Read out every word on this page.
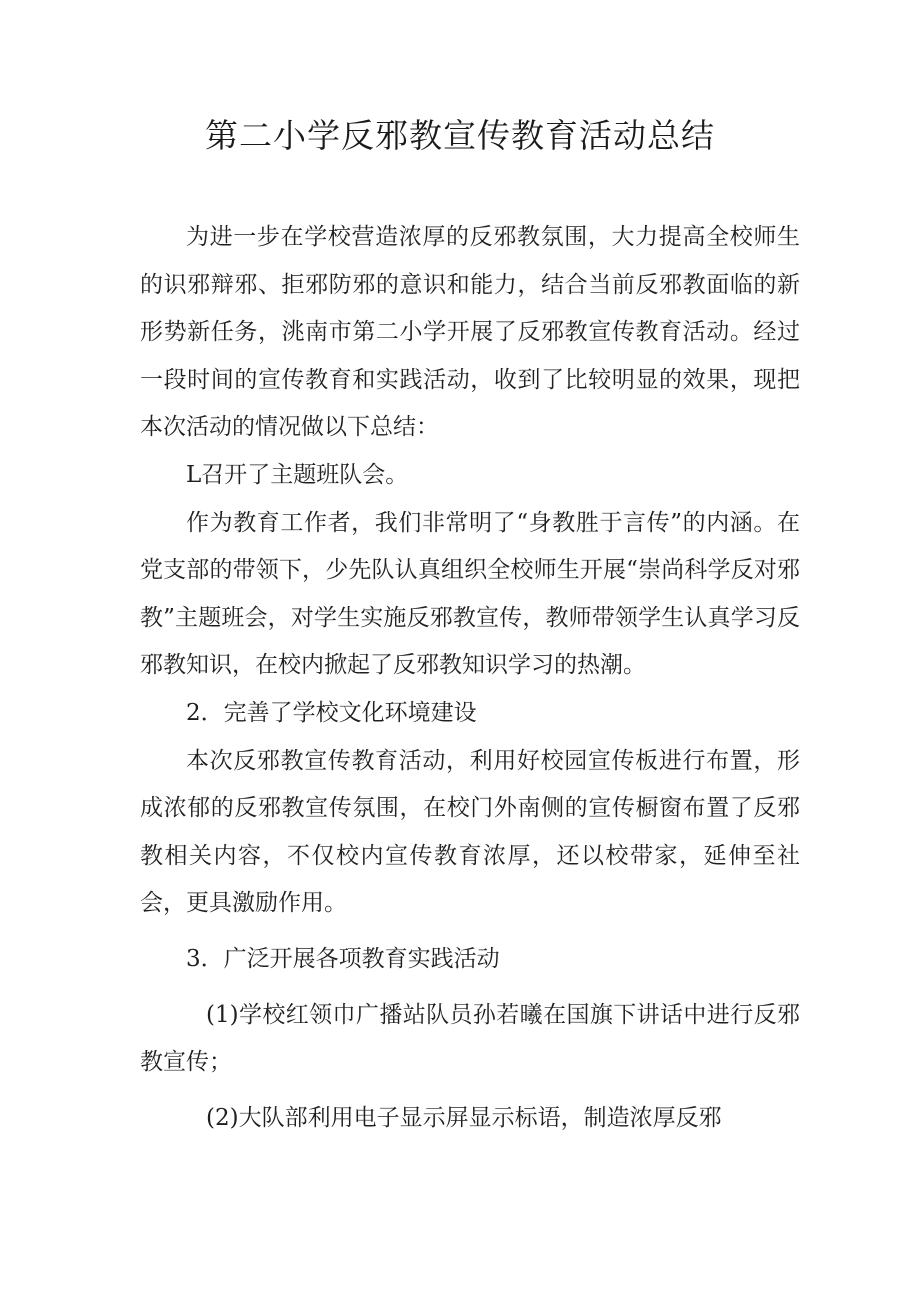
第二小学反邪教宣传教育活动总结

为进一步在学校营造浓厚的反邪教氛围，大力提高全校师生的识邪辩邪、拒邪防邪的意识和能力，结合当前反邪教面临的新形势新任务，洮南市第二小学开展了反邪教宣传教育活动。经过一段时间的宣传教育和实践活动，收到了比较明显的效果，现把本次活动的情况做以下总结：

L召开了主题班队会。

作为教育工作者，我们非常明了“身教胜于言传”的内涵。在党支部的带领下，少先队认真组织全校师生开展“崇尚科学反对邪教”主题班会，对学生实施反邪教宣传，教师带领学生认真学习反邪教知识，在校内掀起了反邪教知识学习的热潮。

2．完善了学校文化环境建设

本次反邪教宣传教育活动，利用好校园宣传板进行布置，形成浓郁的反邪教宣传氛围，在校门外南侧的宣传橱窗布置了反邪教相关内容，不仅校内宣传教育浓厚，还以校带家，延伸至社会，更具激励作用。

3．广泛开展各项教育实践活动

(1)学校红领巾广播站队员孙若曦在国旗下讲话中进行反邪教宣传；

(2)大队部利用电子显示屏显示标语，制造浓厚反邪
